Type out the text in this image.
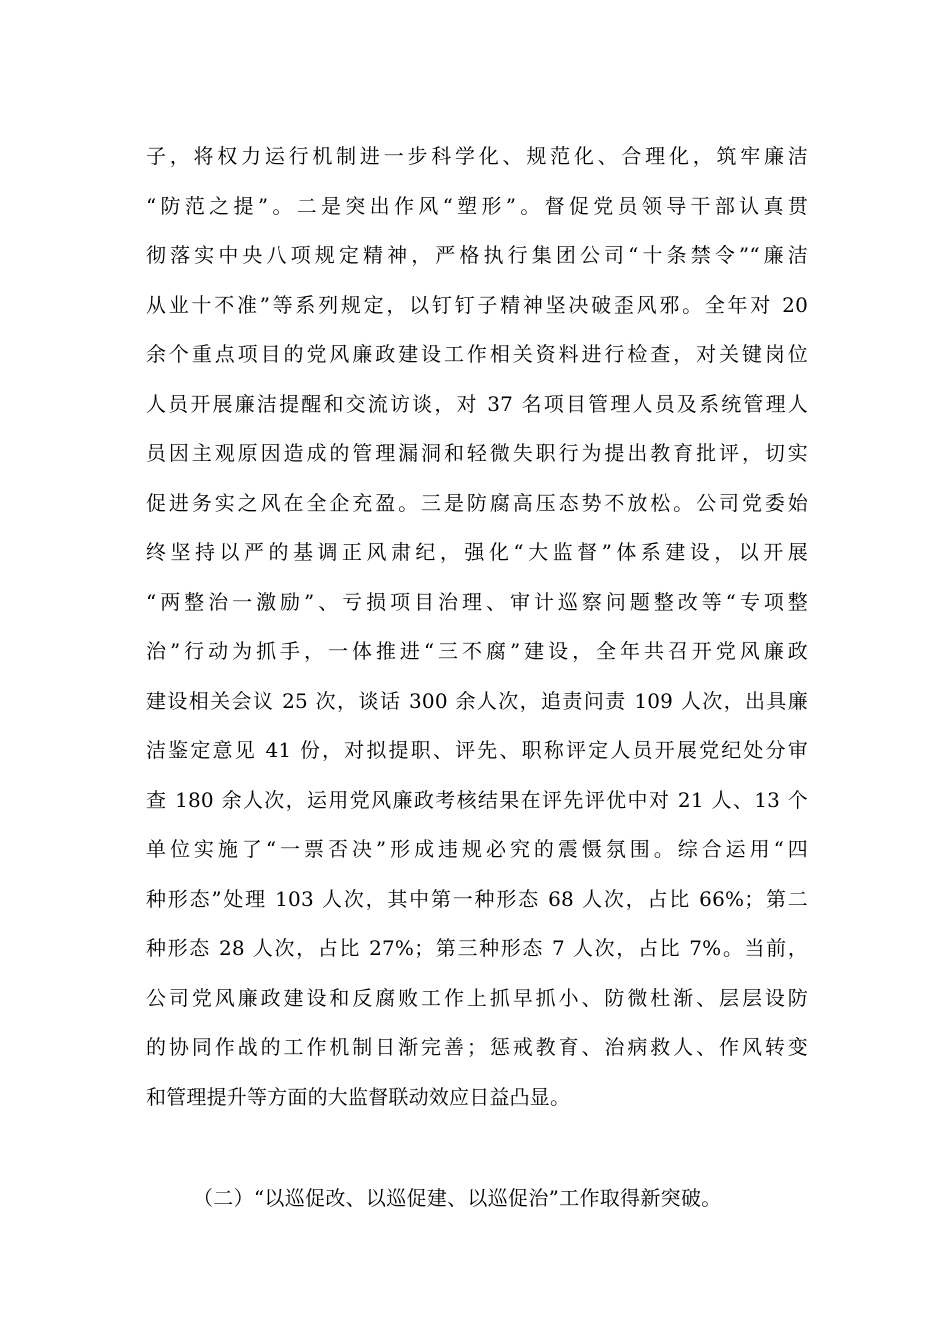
子，将权力运行机制进一步科学化、规范化、合理化，筑牢廉洁
“防范之提”。二是突出作风“塑形”。督促党员领导干部认真贯
彻落实中央八项规定精神，严格执行集团公司“十条禁令”“廉洁
从业十不准”等系列规定，以钉钉子精神坚决破歪风邪。全年对 20
余个重点项目的党风廉政建设工作相关资料进行检查，对关键岗位
人员开展廉洁提醒和交流访谈，对 37 名项目管理人员及系统管理人
员因主观原因造成的管理漏洞和轻微失职行为提出教育批评，切实
促进务实之风在全企充盈。三是防腐高压态势不放松。公司党委始
终坚持以严的基调正风肃纪，强化“大监督”体系建设，以开展
“两整治一激励”、亏损项目治理、审计巡察问题整改等“专项整
治”行动为抓手，一体推进“三不腐”建设，全年共召开党风廉政
建设相关会议 25 次，谈话 300 余人次，追责问责 109 人次，出具廉
洁鉴定意见 41 份，对拟提职、评先、职称评定人员开展党纪处分审
查 180 余人次，运用党风廉政考核结果在评先评优中对 21 人、13 个
单位实施了“一票否决”形成违规必究的震慑氛围。综合运用“四
种形态”处理 103 人次，其中第一种形态 68 人次，占比 66%；第二
种形态 28 人次，占比 27%；第三种形态 7 人次，占比 7%。当前，
公司党风廉政建设和反腐败工作上抓早抓小、防微杜渐、层层设防
的协同作战的工作机制日渐完善；惩戒教育、治病救人、作风转变
和管理提升等方面的大监督联动效应日益凸显。
（二）“以巡促改、以巡促建、以巡促治”工作取得新突破。
